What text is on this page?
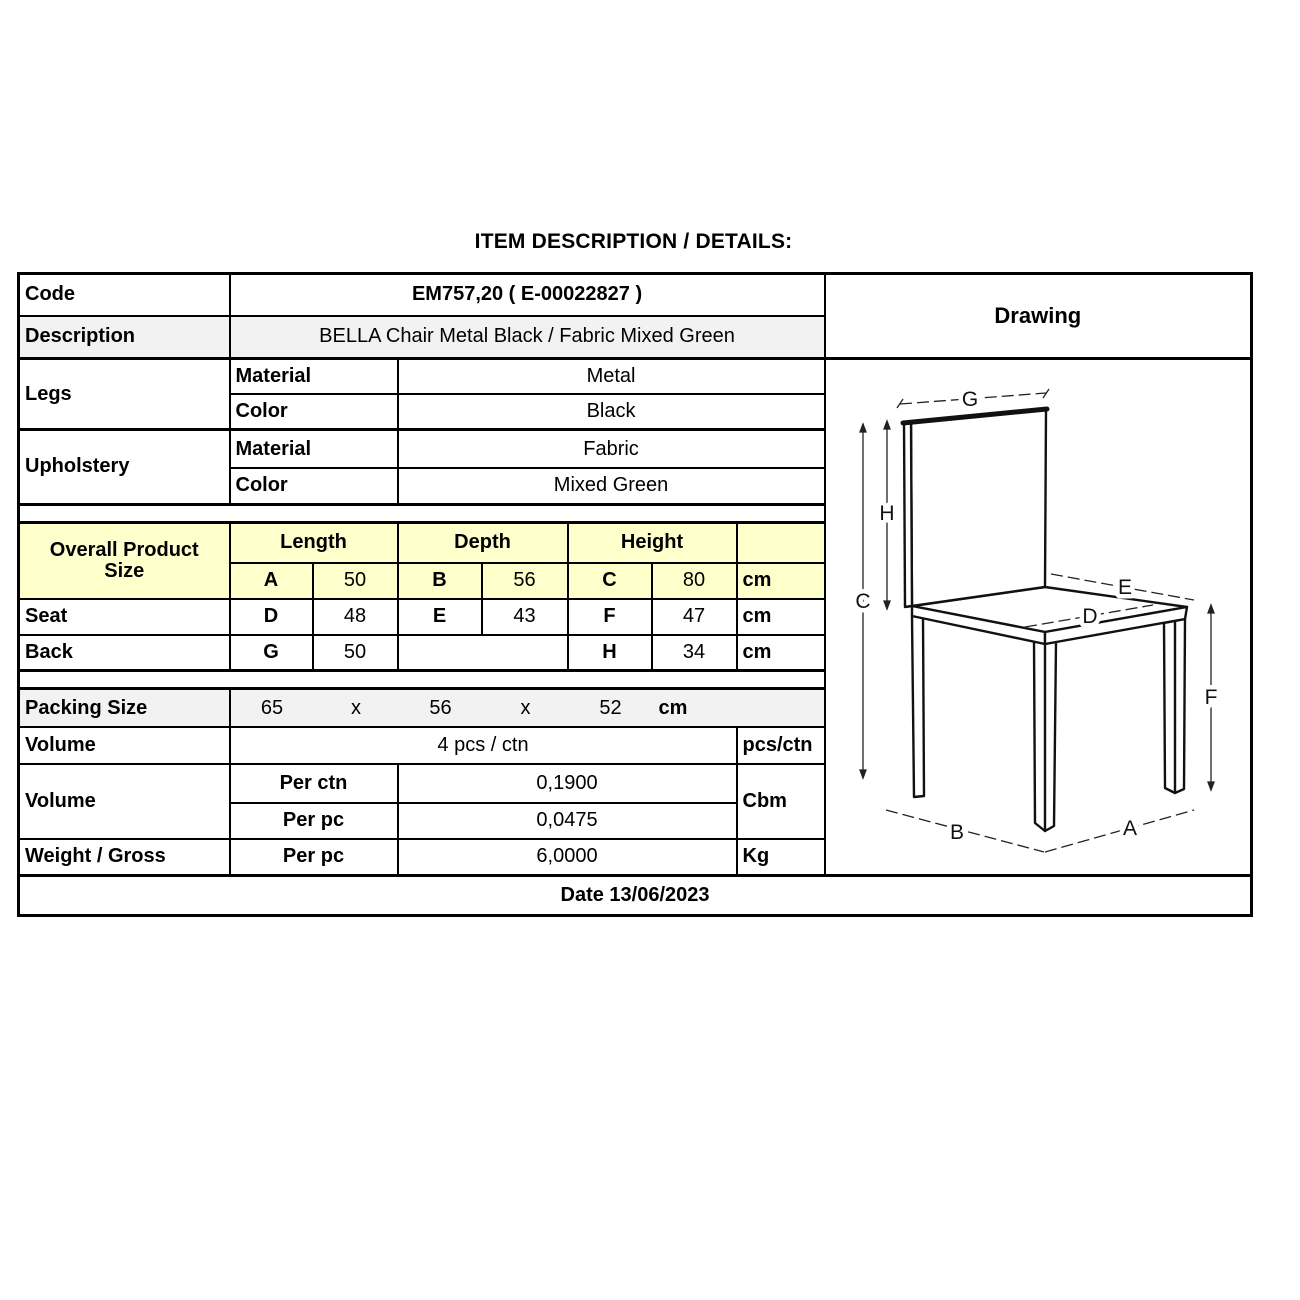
ITEM DESCRIPTION / DETAILS:
Code	EM757,20 ( E-00022827 )							Drawing
Description	BELLA Chair Metal Black / Fabric Mixed Green							
Legs	Material	Metal	
G
H
C
E
D
F
B	A

	Color		Black					
Upholstery	Material		Fabric					
	Color		Mixed Green					

Overall Product Size	Length		Depth		Height			
	A	50	B	56	C	80	cm	
Seat	D	48	E	43	F	47	cm	
Back	G	50			H	34	cm	

Packing Size	65	x	56	x	52	cm

Volume	4 pcs / ctn						pcs/ctn	
Volume	Per ctn		0,1900				Cbm	
	Per pc		0,0475					
Weight / Gross	Per pc		6,0000				Kg	
Date 13/06/2023								
